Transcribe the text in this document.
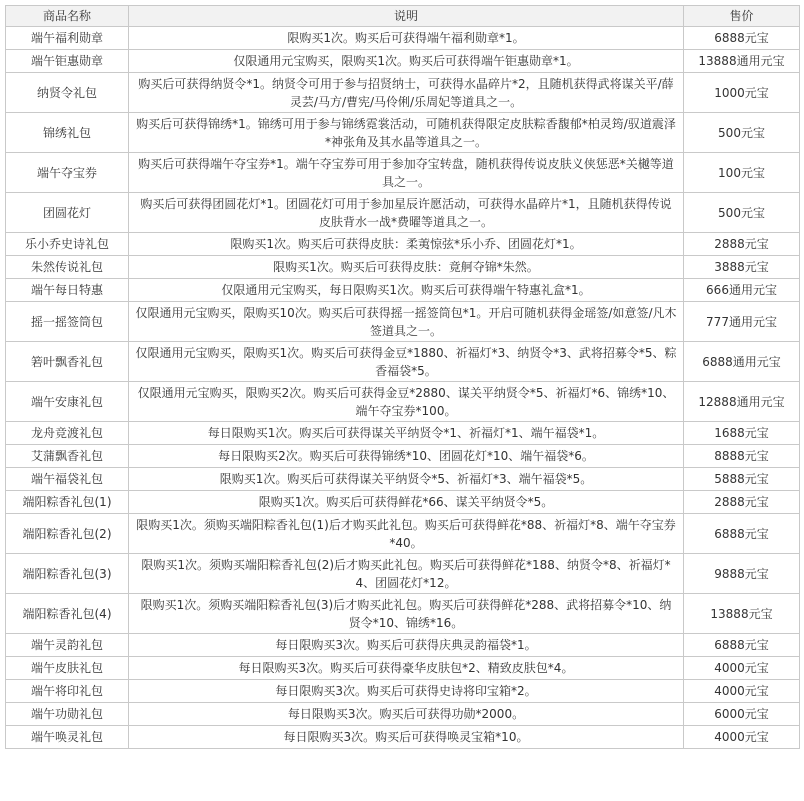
商品名称	说明	售价
端午福利勋章	限购买1次。购买后可获得端午福利勋章*1。	6888元宝
端午钜惠勋章	仅限通用元宝购买，限购买1次。购买后可获得端午钜惠勋章*1。	13888通用元宝
纳贤令礼包	购买后可获得纳贤令*1。纳贤令可用于参与招贤纳士，可获得水晶碎片*2，且随机获得武将谋关平/薛灵芸/马方/曹宪/马伶俐/乐周妃等道具之一。	1000元宝
锦绣礼包	购买后可获得锦绣*1。锦绣可用于参与锦绣霓裳活动，可随机获得限定皮肤粽香馥郁*柏灵筠/驭道震泽*神张角及其水晶等道具之一。	500元宝
端午夺宝券	购买后可获得端午夺宝券*1。端午夺宝券可用于参加夺宝转盘，随机获得传说皮肤义侠惩恶*关樾等道具之一。	100元宝
团圆花灯	购买后可获得团圆花灯*1。团圆花灯可用于参加星辰许愿活动，可获得水晶碎片*1，且随机获得传说皮肤背水一战*费曜等道具之一。	500元宝
乐小乔史诗礼包	限购买1次。购买后可获得皮肤：柔荑惊弦*乐小乔、团圆花灯*1。	2888元宝
朱然传说礼包	限购买1次。购买后可获得皮肤：竟舸夺锦*朱然。	3888元宝
端午每日特惠	仅限通用元宝购买，每日限购买1次。购买后可获得端午特惠礼盒*1。	666通用元宝
摇一摇签筒包	仅限通用元宝购买，限购买10次。购买后可获得摇一摇签筒包*1。开启可随机获得金瑶签/如意签/凡木签道具之一。	777通用元宝
箬叶飘香礼包	仅限通用元宝购买，限购买1次。购买后可获得金豆*1880、祈福灯*3、纳贤令*3、武将招募令*5、粽香福袋*5。	6888通用元宝
端午安康礼包	仅限通用元宝购买，限购买2次。购买后可获得金豆*2880、谋关平纳贤令*5、祈福灯*6、锦绣*10、端午夺宝券*100。	12888通用元宝
龙舟竞渡礼包	每日限购买1次。购买后可获得谋关平纳贤令*1、祈福灯*1、端午福袋*1。	1688元宝
艾蒲飘香礼包	每日限购买2次。购买后可获得锦绣*10、团圆花灯*10、端午福袋*6。	8888元宝
端午福袋礼包	限购买1次。购买后可获得谋关平纳贤令*5、祈福灯*3、端午福袋*5。	5888元宝
端阳粽香礼包(1)	限购买1次。购买后可获得鲜花*66、谋关平纳贤令*5。	2888元宝
端阳粽香礼包(2)	限购买1次。须购买端阳粽香礼包(1)后才购买此礼包。购买后可获得鲜花*88、祈福灯*8、端午夺宝券*40。	6888元宝
端阳粽香礼包(3)	限购买1次。须购买端阳粽香礼包(2)后才购买此礼包。购买后可获得鲜花*188、纳贤令*8、祈福灯*4、团圆花灯*12。	9888元宝
端阳粽香礼包(4)	限购买1次。须购买端阳粽香礼包(3)后才购买此礼包。购买后可获得鲜花*288、武将招募令*10、纳贤令*10、锦绣*16。	13888元宝
端午灵韵礼包	每日限购买3次。购买后可获得庆典灵韵福袋*1。	6888元宝
端午皮肤礼包	每日限购买3次。购买后可获得豪华皮肤包*2、精致皮肤包*4。	4000元宝
端午将印礼包	每日限购买3次。购买后可获得史诗将印宝箱*2。	4000元宝
端午功勋礼包	每日限购买3次。购买后可获得功勋*2000。	6000元宝
端午唤灵礼包	每日限购买3次。购买后可获得唤灵宝箱*10。	4000元宝
